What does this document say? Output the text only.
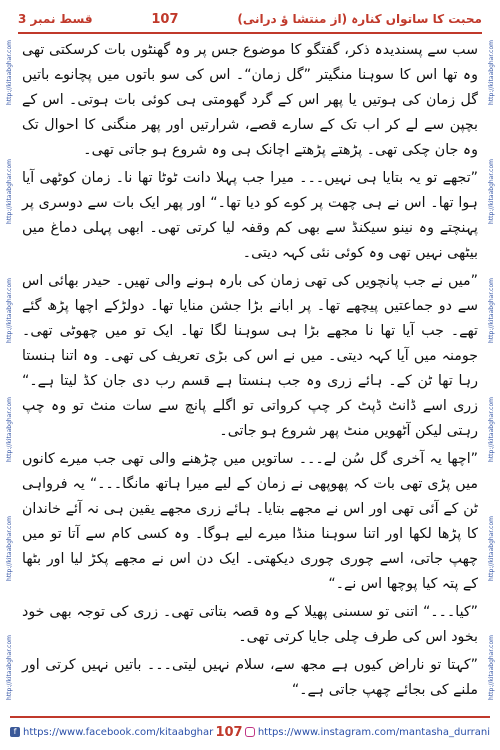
قسط نمبر 3	107	محبت کا ساتواں کنارہ (از منتشا ؤ درانی)
http://kitaabghar.com
http://kitaabghar.com
http://kitaabghar.com
http://kitaabghar.com
http://kitaabghar.com
http://kitaabghar.com
http://kitaabghar.com
http://kitaabghar.com
http://kitaabghar.com
http://kitaabghar.com
http://kitaabghar.com
http://kitaabghar.com

سب سے پسندیدہ ذکر، گفتگو کا موضوع جس پر وہ گھنٹوں بات کرسکتی تھی وہ تھا اس کا سوہنا منگیتر ”گل زمان“۔ اس کی سو باتوں میں پچانوے باتیں گل زمان کی ہوتیں یا پھر اس کے گرد گھومتی ہی کوئی بات ہوتی۔ اس کے بچپن سے لے کر اب تک کے سارے قصے، شرارتیں اور پھر منگنی کا احوال تک وہ جان چکی تھی۔ پڑھتے پڑھتے اچانک ہی وہ شروع ہو جاتی تھی۔

”تجھے تو یہ بتایا ہی نہیں۔۔۔ میرا جب پہلا دانت ٹوٹا تھا نا۔ زمان کوٹھی آیا ہوا تھا۔ اس نے ہی چھت پر کوے کو دیا تھا۔“ اور پھر ایک بات سے دوسری پر پہنچتے وہ نینو سیکنڈ سے بھی کم وقفہ لیا کرتی تھی۔ ابھی پہلی دماغ میں بیٹھی نہیں تھی وہ کوئی نئی کہہ دیتی۔

”میں نے جب پانچویں کی تھی زمان کی بارہ ہونے والی تھیں۔ حیدر بھائی اس سے دو جماعتیں پیچھے تھا۔ پر ابانے بڑا جشن منایا تھا۔ دولڑکے اچھا پڑھ گئے تھے۔ جب آیا تھا نا مجھے بڑا ہی سوہنا لگا تھا۔ ایک تو میں چھوٹی تھی۔ جومنہ میں آیا کہہ دیتی۔ میں نے اس کی بڑی تعریف کی تھی۔ وہ اتنا ہنستا رہا تھا ٹن کے۔ ہائے زری وہ جب ہنستا ہے قسم رب دی جان کڈ لیتا ہے۔“ زری اسے ڈانٹ ڈپٹ کر چپ کرواتی تو اگلے پانچ سے سات منٹ تو وہ چپ رہتی لیکن آٹھویں منٹ پھر شروع ہو جاتی۔

”اچھا یہ آخری گل سُن لے۔۔۔ ساتویں میں چڑھنے والی تھی جب میرے کانوں میں پڑی تھی بات کہ پھوپھی نے زمان کے لیے میرا ہاتھ مانگا۔۔۔“ یہ فرواہی ٹن کے آئی تھی اور اس نے مجھے بتایا۔ ہائے زری مجھے یقین ہی نہ آئے خاندان کا پڑھا لکھا اور اتنا سوہنا منڈا میرے لیے ہوگا۔ وہ کسی کام سے آتا تو میں چھپ جاتی، اسے چوری چوری دیکھتی۔ ایک دن اس نے مجھے پکڑ لیا اور بٹھا کے پتہ کیا پوچھا اس نے۔“

”کیا۔۔۔“ اتنی تو سسنی پھیلا کے وہ قصہ بتاتی تھی۔ زری کی توجہ بھی خود بخود اس کی طرف چلی جایا کرتی تھی۔

”کہتا تو ناراض کیوں ہے مجھ سے، سلام نہیں لیتی۔۔۔ باتیں نہیں کرتی اور ملنے کی بجائے چھپ جاتی ہے۔“

f https://www.facebook.com/kitaabghar 107	https://www.instagram.com/mantasha_durrani
